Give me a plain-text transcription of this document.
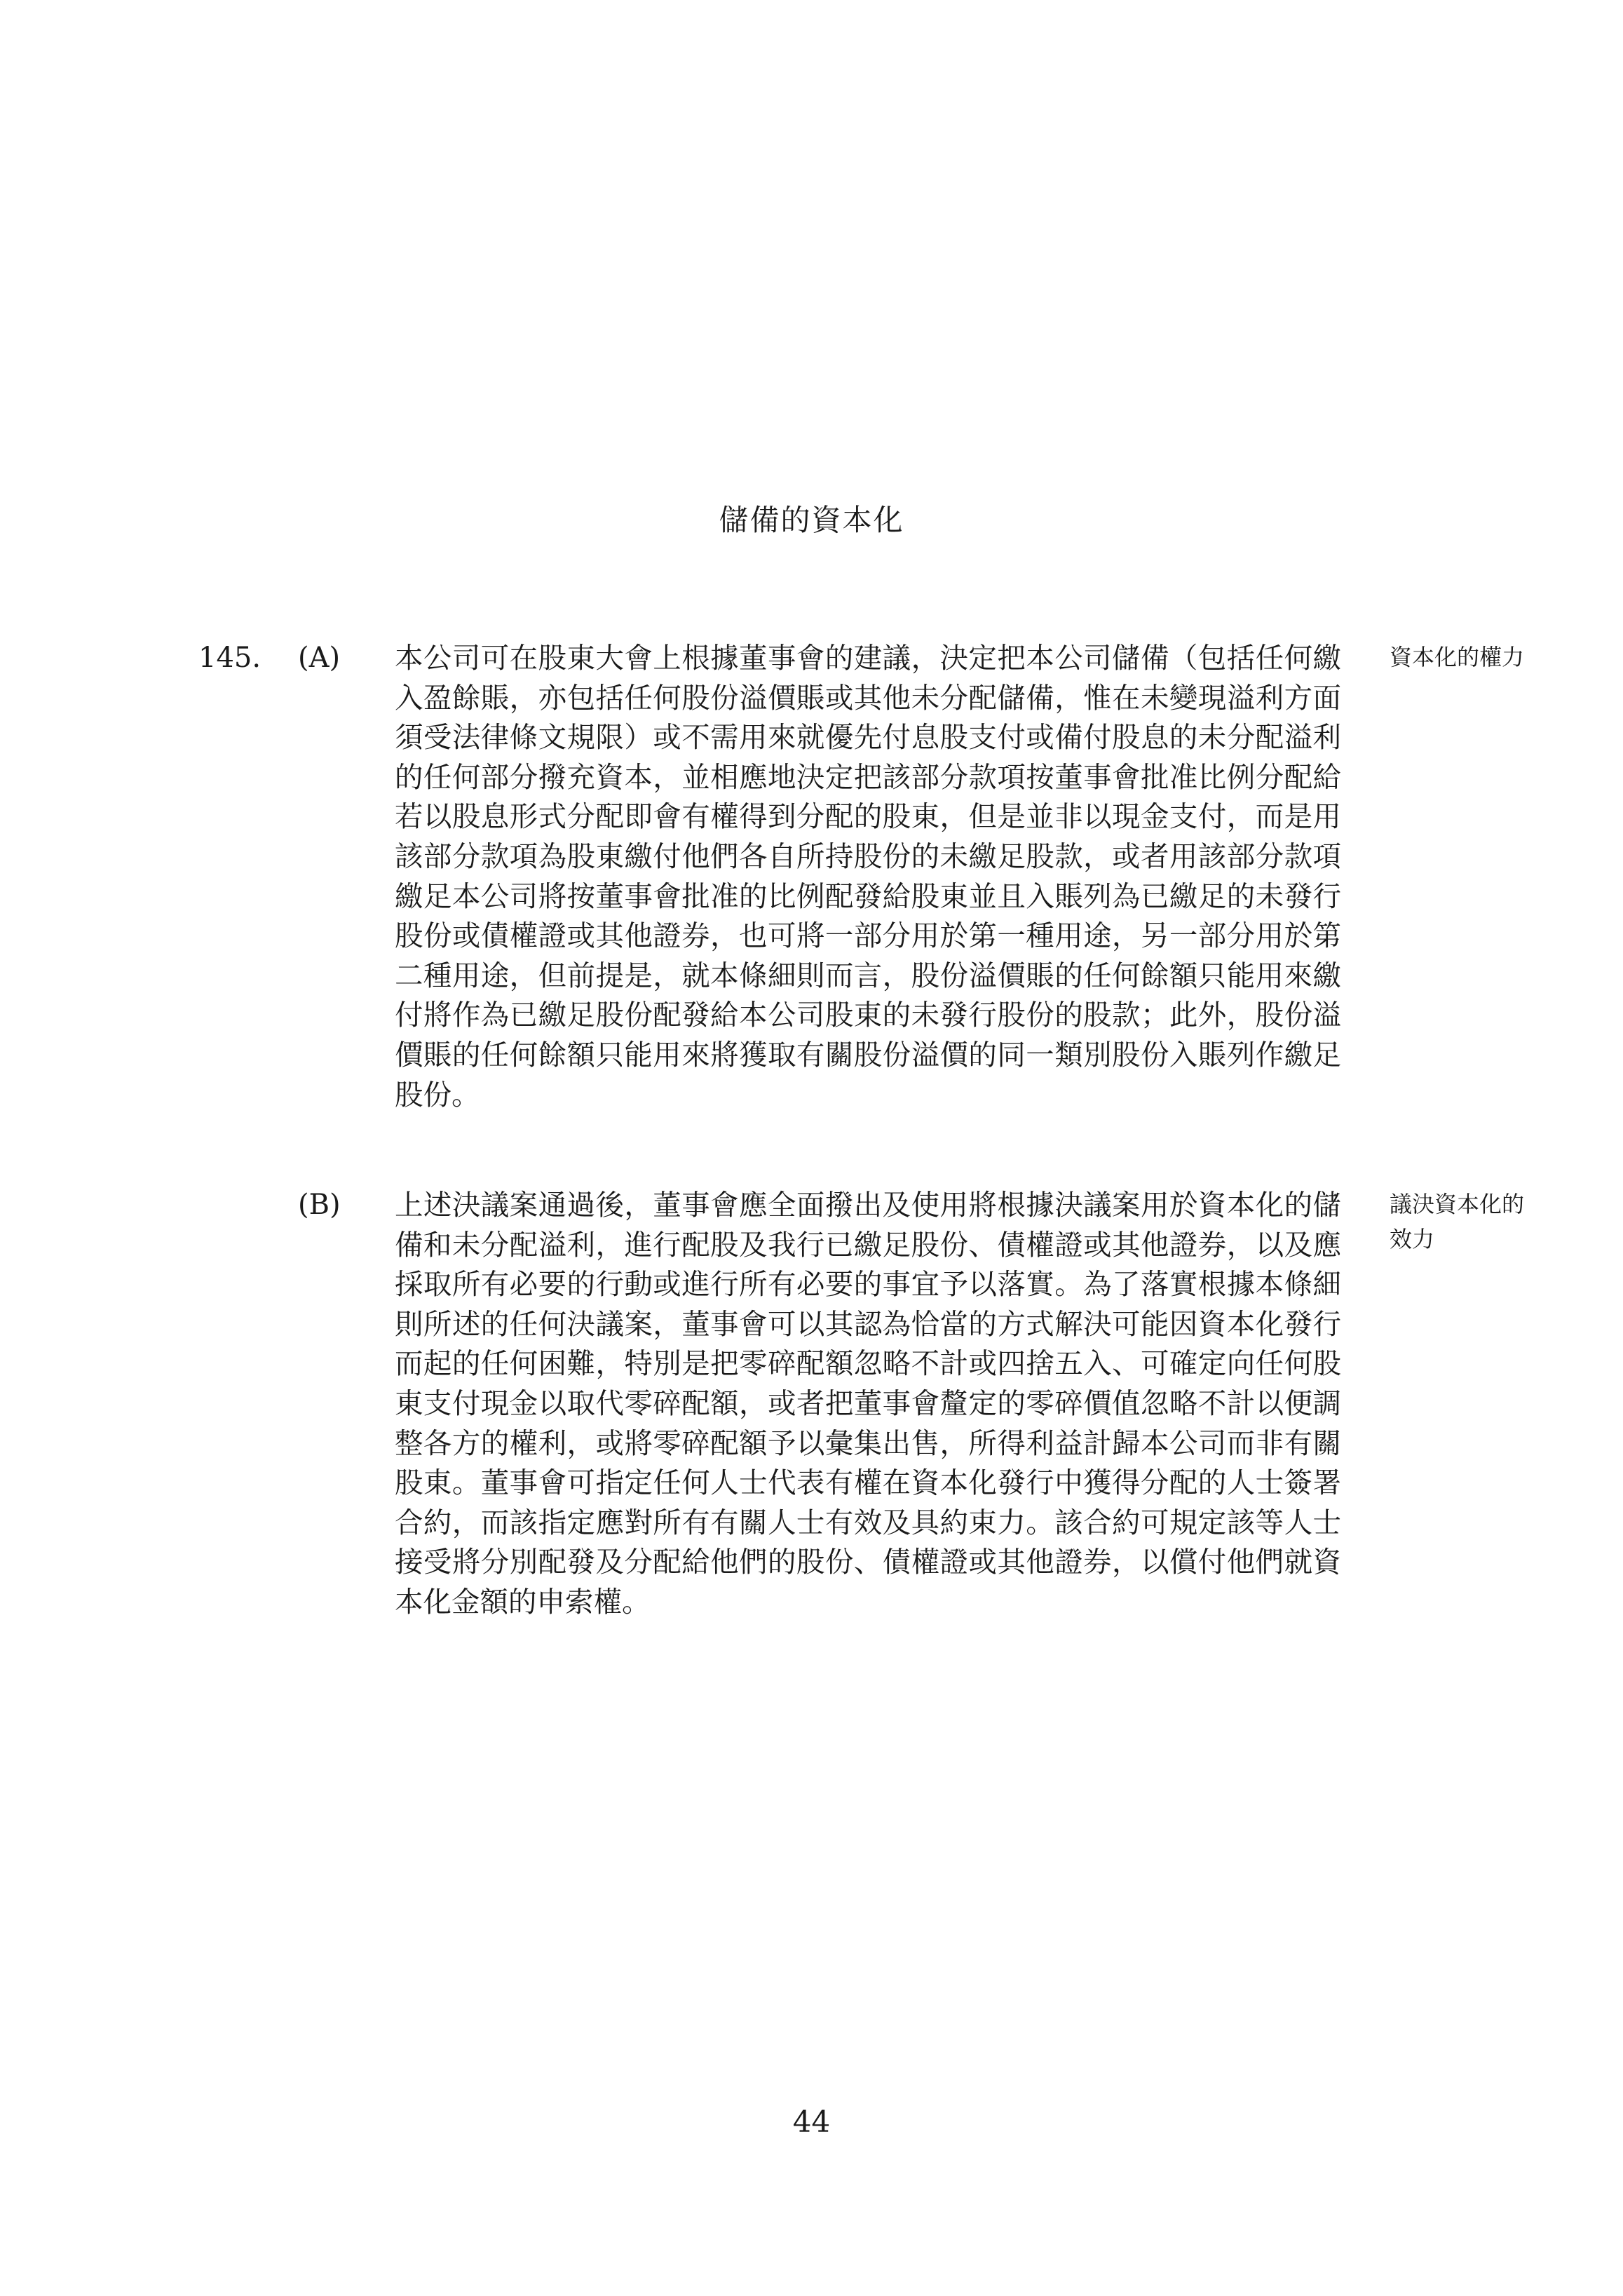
儲備的資本化
145. (A) 本公司可在股東大會上根據董事會的建議，決定把本公司儲備（包括任何繳入盈餘賬，亦包括任何股份溢價賬或其他未分配儲備，惟在未變現溢利方面須受法律條文規限）或不需用來就優先付息股支付或備付股息的未分配溢利的任何部分撥充資本，並相應地決定把該部分款項按董事會批准比例分配給若以股息形式分配即會有權得到分配的股東，但是並非以現金支付，而是用該部分款項為股東繳付他們各自所持股份的未繳足股款，或者用該部分款項繳足本公司將按董事會批准的比例配發給股東並且入賬列為已繳足的未發行股份或債權證或其他證券，也可將一部分用於第一種用途，另一部分用於第二種用途，但前提是，就本條細則而言，股份溢價賬的任何餘額只能用來繳付將作為已繳足股份配發給本公司股東的未發行股份的股款；此外，股份溢價賬的任何餘額只能用來將獲取有關股份溢價的同一類別股份入賬列作繳足股份。
資本化的權力
(B) 上述決議案通過後，董事會應全面撥出及使用將根據決議案用於資本化的儲備和未分配溢利，進行配股及我行已繳足股份、債權證或其他證券，以及應採取所有必要的行動或進行所有必要的事宜予以落實。為了落實根據本條細則所述的任何決議案，董事會可以其認為恰當的方式解決可能因資本化發行而起的任何困難，特別是把零碎配額忽略不計或四捨五入、可確定向任何股東支付現金以取代零碎配額，或者把董事會釐定的零碎價值忽略不計以便調整各方的權利，或將零碎配額予以彙集出售，所得利益計歸本公司而非有關股東。董事會可指定任何人士代表有權在資本化發行中獲得分配的人士簽署合約，而該指定應對所有有關人士有效及具約束力。該合約可規定該等人士接受將分別配發及分配給他們的股份、債權證或其他證券，以償付他們就資本化金額的申索權。
議決資本化的效力
44
